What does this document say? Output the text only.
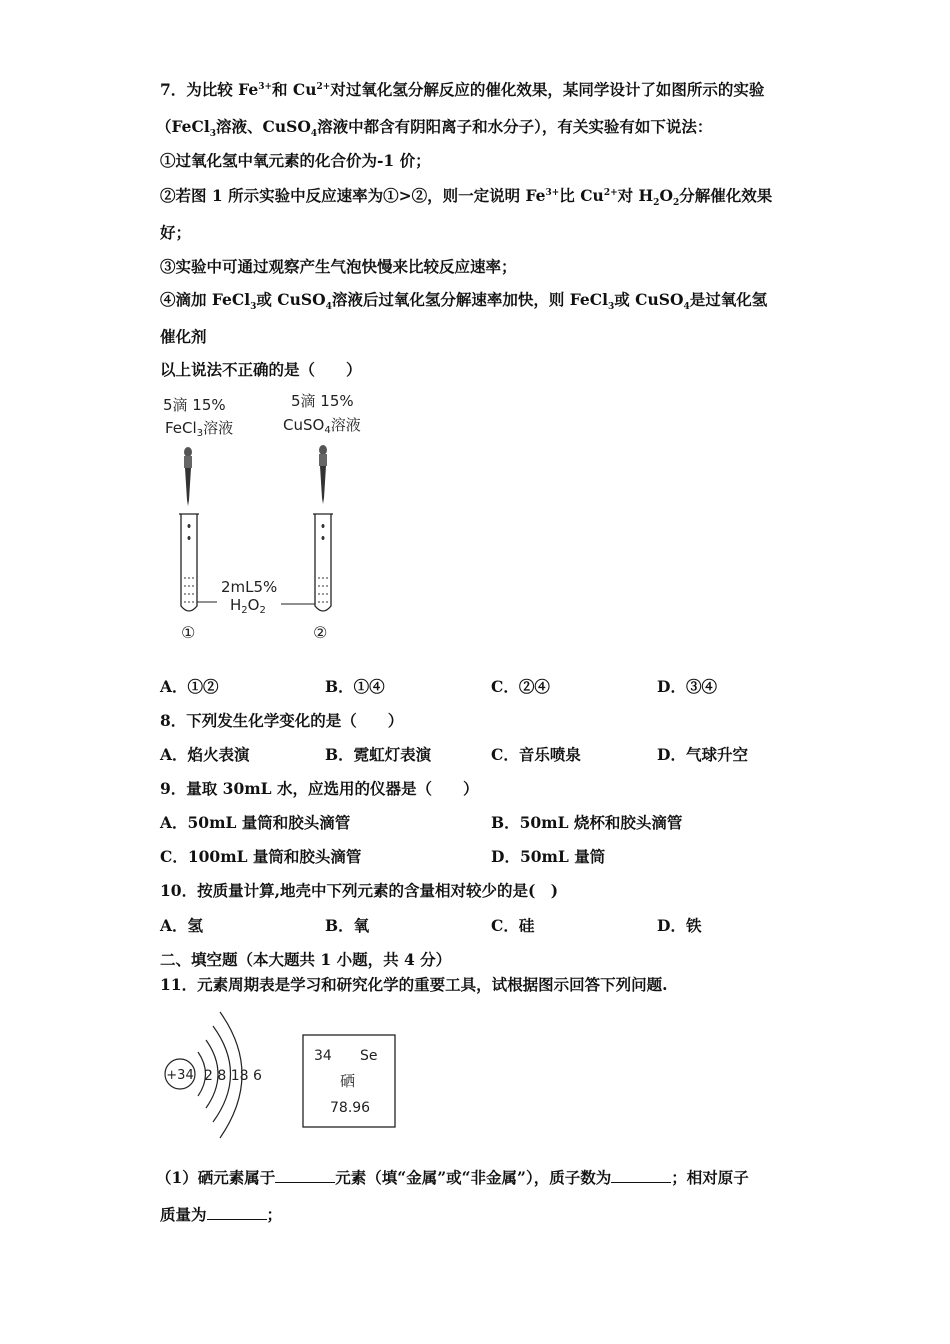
7．为比较 $Fe^{3+}$和 $Cu^{2+}$对过氧化氢分解反应的催化效果，某同学设计了如图所示的实验
（FeCl$_3$溶液、CuSO$_4$溶液中都含有阴阳离子和水分子），有关实验有如下说法：
①过氧化氢中氧元素的化合价为-1 价；
②若图 1 所示实验中反应速率为①>②，则一定说明 $Fe^{3+}$比 $Cu^{2+}$对 $H_2O_2$分解催化效果
好；
③实验中可通过观察产生气泡快慢来比较反应速率；
④滴加 FeCl$_3$或 CuSO$_4$溶液后过氧化氢分解速率加快，则 FeCl$_3$或 CuSO$_4$是过氧化氢
催化剂
以上说法不正确的是（　　）
5滴 15%
FeCl$_3$溶液
5滴 15%
CuSO$_4$溶液
2mL5%
$H_2O_2$
①	②
A．①②	B．①④	C．②④	D．③④
8．下列发生化学变化的是（　　）
A．焰火表演	B．霓虹灯表演	C．音乐喷泉	D．气球升空
9．量取 30mL 水，应选用的仪器是（　　）
A．50mL 量筒和胶头滴管	B．50mL 烧杯和胶头滴管
C．100mL 量筒和胶头滴管	D．50mL 量筒
10．按质量计算,地壳中下列元素的含量相对较少的是(　)
A．氢	B．氧	C．硅	D．铁
二、填空题（本大题共 1 小题，共 4 分）
11．元素周期表是学习和研究化学的重要工具，试根据图示回答下列问题.
+34 2 8 18 6
34 Se
硒
78.96
（1）硒元素属于	元素（填“金属”或“非金属”），质子数为	；相对原子
质量为	；
